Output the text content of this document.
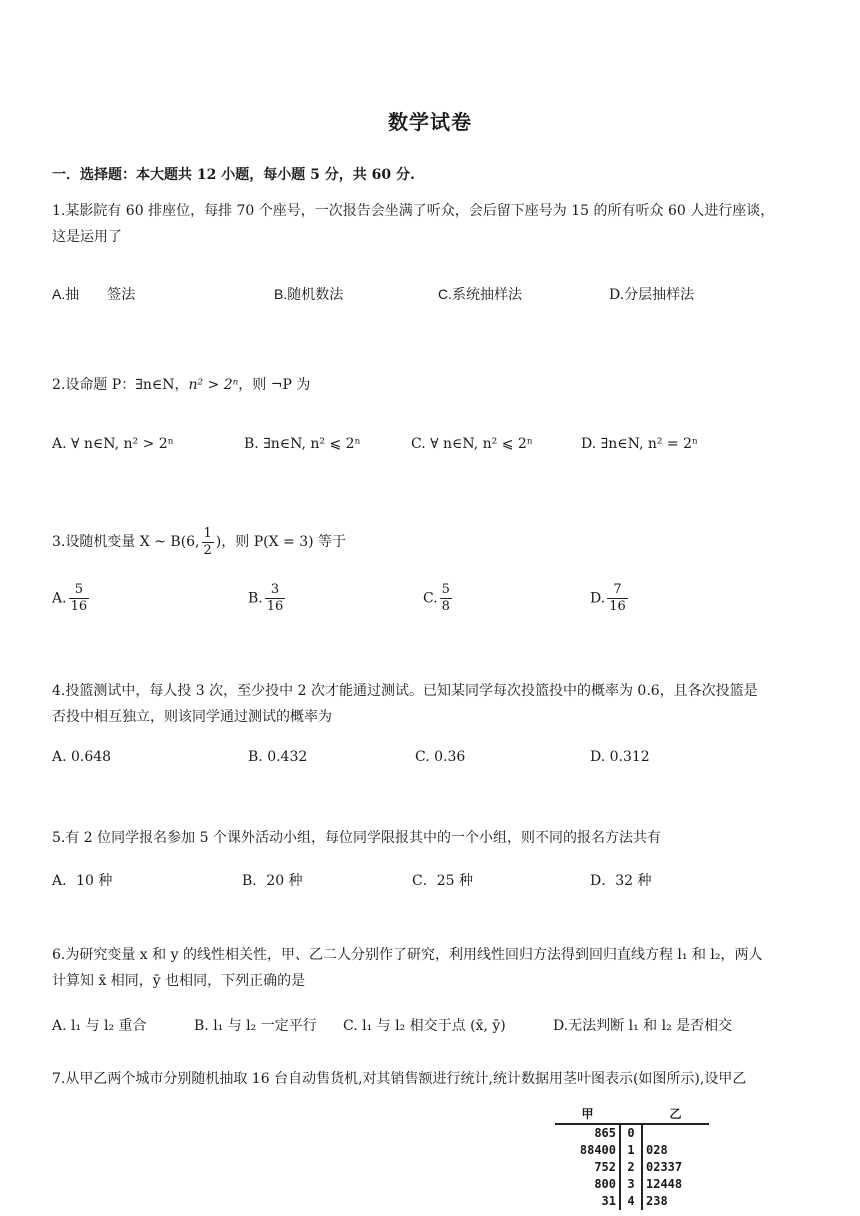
数学试卷
一．选择题：本大题共 12 小题，每小题 5 分，共 60 分.
1.某影院有 60 排座位，每排 70 个座号，一次报告会坐满了听众，会后留下座号为 15 的所有听众 60 人进行座谈，
这是运用了
A.抽 签法	B.随机数法	C.系统抽样法	D.分层抽样法
2.设命题 P：∃n∈N，n² > 2ⁿ，则 ¬P 为
A. ∀ n∈N, n² > 2ⁿ	B. ∃n∈N, n² ⩽ 2ⁿ	C. ∀ n∈N, n² ⩽ 2ⁿ	D. ∃n∈N, n² = 2ⁿ
3.设随机变量 X ~ B(6, $\frac{1}{2}$ )，则 P(X = 3) 等于
A. $\frac{5}{16}$	B. $\frac{3}{16}$	C. $\frac{5}{8}$	D. $\frac{7}{16}$
4.投篮测试中，每人投 3 次，至少投中 2 次才能通过测试。已知某同学每次投篮投中的概率为 0.6，且各次投篮是
否投中相互独立，则该同学通过测试的概率为
A. 0.648	B. 0.432	C. 0.36	D. 0.312
5.有 2 位同学报名参加 5 个课外活动小组，每位同学限报其中的一个小组，则不同的报名方法共有
A．10 种	B．20 种	C．25 种	D．32 种
6.为研究变量 x 和 y 的线性相关性，甲、乙二人分别作了研究，利用线性回归方法得到回归直线方程 l₁ 和 l₂，两人
计算知 x̄ 相同，ȳ 也相同，下列正确的是
A. l₁ 与 l₂ 重合	B. l₁ 与 l₂ 一定平行 C. l₁ 与 l₂ 相交于点 (x̄, ȳ)	D.无法判断 l₁ 和 l₂ 是否相交
7.从甲乙两个城市分别随机抽取 16 台自动售货机,对其销售额进行统计,统计数据用茎叶图表示(如图所示),设甲乙
甲		乙
865	0	
88400	1	028
752	2	02337
800	3	12448
31	4	238
